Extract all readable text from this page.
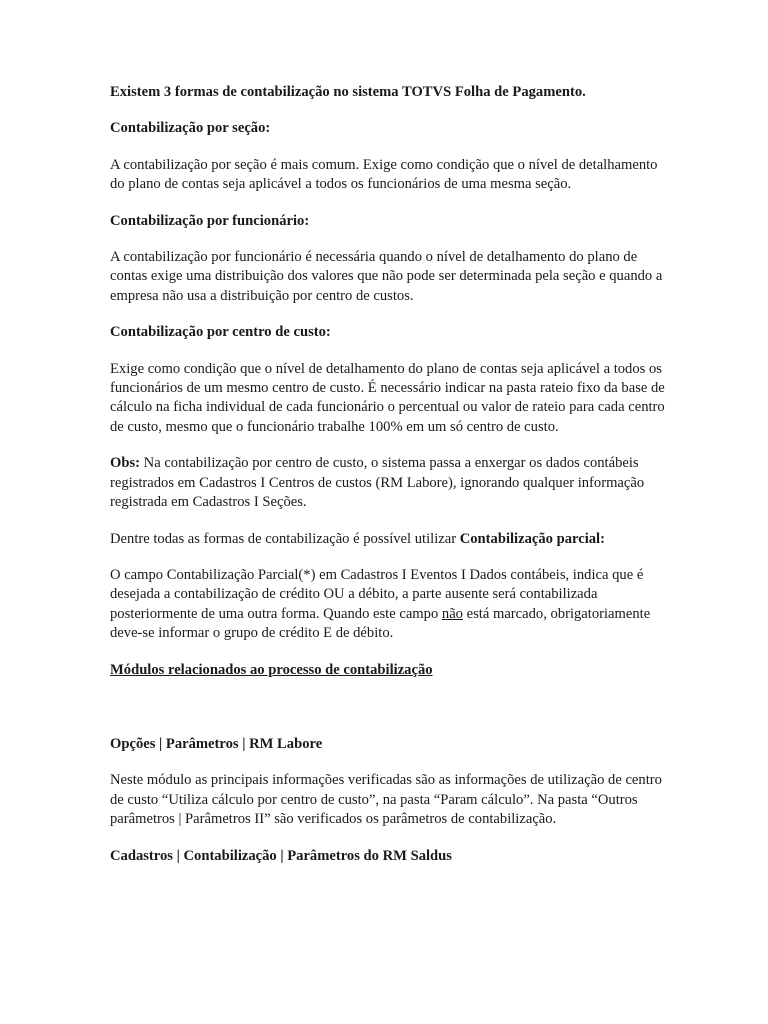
Existem 3 formas de contabilização no sistema TOTVS Folha de Pagamento.

Contabilização por seção:

A contabilização por seção é mais comum. Exige como condição que o nível de detalhamento do plano de contas seja aplicável a todos os funcionários de uma mesma seção.

Contabilização por funcionário:

A contabilização por funcionário é necessária quando o nível de detalhamento do plano de contas exige uma distribuição dos valores que não pode ser determinada pela seção e quando a empresa não usa a distribuição por centro de custos.

Contabilização por centro de custo:

Exige como condição que o nível de detalhamento do plano de contas seja aplicável a todos os funcionários de um mesmo centro de custo. É necessário indicar na pasta rateio fixo da base de cálculo na ficha individual de cada funcionário o percentual ou valor de rateio para cada centro de custo, mesmo que o funcionário trabalhe 100% em um só centro de custo.

Obs: Na contabilização por centro de custo, o sistema passa a enxergar os dados contábeis registrados em Cadastros I Centros de custos (RM Labore), ignorando qualquer informação registrada em Cadastros I Seções.

Dentre todas as formas de contabilização é possível utilizar Contabilização parcial:

O campo Contabilização Parcial(*) em Cadastros I Eventos I Dados contábeis, indica que é desejada a contabilização de crédito OU a débito, a parte ausente será contabilizada posteriormente de uma outra forma. Quando este campo não está marcado, obrigatoriamente deve-se informar o grupo de crédito E de débito.

Módulos relacionados ao processo de contabilização

Opções | Parâmetros | RM Labore

Neste módulo as principais informações verificadas são as informações de utilização de centro de custo “Utiliza cálculo por centro de custo”, na pasta “Param cálculo”. Na pasta “Outros parâmetros | Parâmetros II” são verificados os parâmetros de contabilização.

Cadastros | Contabilização | Parâmetros do RM Saldus
